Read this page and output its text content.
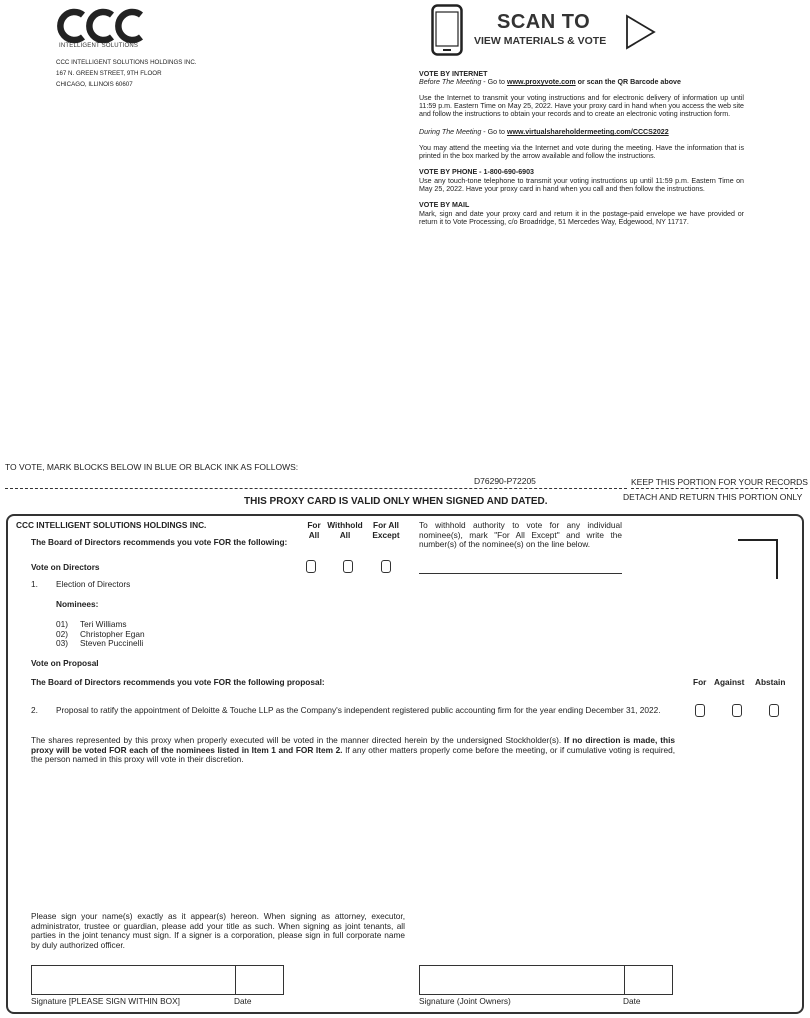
INTELLIGENT SOLUTIONS
CCC INTELLIGENT SOLUTIONS HOLDINGS INC.
167 N. GREEN STREET, 9TH FLOOR
CHICAGO, ILLINOIS 60607
SCAN TO
VIEW MATERIALS & VOTE
VOTE BY INTERNET
Before The Meeting - Go to www.proxyvote.com or scan the QR Barcode above

Use the Internet to transmit your voting instructions and for electronic delivery of information up until 11:59 p.m. Eastern Time on May 25, 2022. Have your proxy card in hand when you access the web site and follow the instructions to obtain your records and to create an electronic voting instruction form.

During The Meeting - Go to www.virtualshareholdermeeting.com/CCCS2022

You may attend the meeting via the Internet and vote during the meeting. Have the information that is printed in the box marked by the arrow available and follow the instructions.

VOTE BY PHONE - 1-800-690-6903

Use any touch-tone telephone to transmit your voting instructions up until 11:59 p.m. Eastern Time on May 25, 2022. Have your proxy card in hand when you call and then follow the instructions.

VOTE BY MAIL

Mark, sign and date your proxy card and return it in the postage-paid envelope we have provided or return it to Vote Processing, c/o Broadridge, 51 Mercedes Way, Edgewood, NY 11717.

TO VOTE, MARK BLOCKS BELOW IN BLUE OR BLACK INK AS FOLLOWS:
D76290-P72205	KEEP THIS PORTION FOR YOUR RECORDS
THIS PROXY CARD IS VALID ONLY WHEN SIGNED AND DATED.	DETACH AND RETURN THIS PORTION ONLY
CCC INTELLIGENT SOLUTIONS HOLDINGS INC.
The Board of Directors recommends you vote FOR the following:
For All
Withhold All
For All Except
To withhold authority to vote for any individual nominee(s), mark "For All Except" and write the number(s) of the nominee(s) on the line below.
Vote on Directors
1. Election of Directors
Nominees:
01) Teri Williams
02) Christopher Egan
03) Steven Puccinelli
Vote on Proposal
The Board of Directors recommends you vote FOR the following proposal:	For Against Abstain
2. Proposal to ratify the appointment of Deloitte & Touche LLP as the Company's independent registered public accounting firm for the year ending December 31, 2022.
The shares represented by this proxy when properly executed will be voted in the manner directed herein by the undersigned Stockholder(s). If no direction is made, this proxy will be voted FOR each of the nominees listed in Item 1 and FOR Item 2. If any other matters properly come before the meeting, or if cumulative voting is required, the person named in this proxy will vote in their discretion.
Please sign your name(s) exactly as it appear(s) hereon. When signing as attorney, executor, administrator, trustee or guardian, please add your title as such. When signing as joint tenants, all parties in the joint tenancy must sign. If a signer is a corporation, please sign in full corporate name by duly authorized officer.
Signature [PLEASE SIGN WITHIN BOX]	Date	Signature (Joint Owners)	Date
